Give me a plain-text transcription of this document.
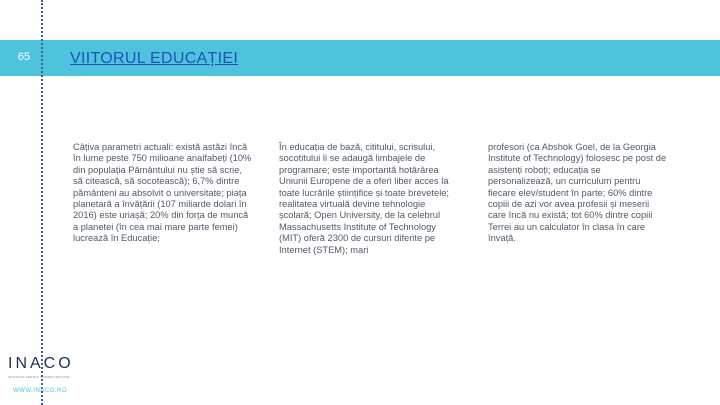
65	VIITORUL EDUCAȚIEI

Câțiva parametri actuali: există astăzi încă în lume peste 750 milioane analfabeți (10% din populația Pământului nu știe să scrie, să citească, să socotească); 6,7% dintre pământeni au absolvit o universitate; piața planetară a învățării (107 miliarde dolari în 2016) este uriașă; 20% din forța de muncă a planetei (în cea mai mare parte femei) lucrează în Educație;

În educația de bază, cititului, scrisului, socotitului li se adaugă limbajele de programare; este importantă hotărârea Uniunii Europene de a oferi liber acces la toate lucrările științifice și toate brevetele; realitatea virtuală devine tehnologie școlară; Open University, de la celebrul Massachusetts Institute of Technology (MIT) oferă 2300 de cursuri diferite pe Internet (STEM); mari

profesori (ca Abshok Goel, de la Georgia Institute of Technology) folosesc pe post de asistenți roboți; educația se personalizează, un curriculum pentru fiecare elev/student în parte; 60% dintre copiii de azi vor avea profesii și meserii care încă nu există; tot 60% dintre copiii Terrei au un calculator în clasa în care învață.

INACO
INITIATIVA PENTRU COMPETITIVITATE
WWW.INACO.RO
